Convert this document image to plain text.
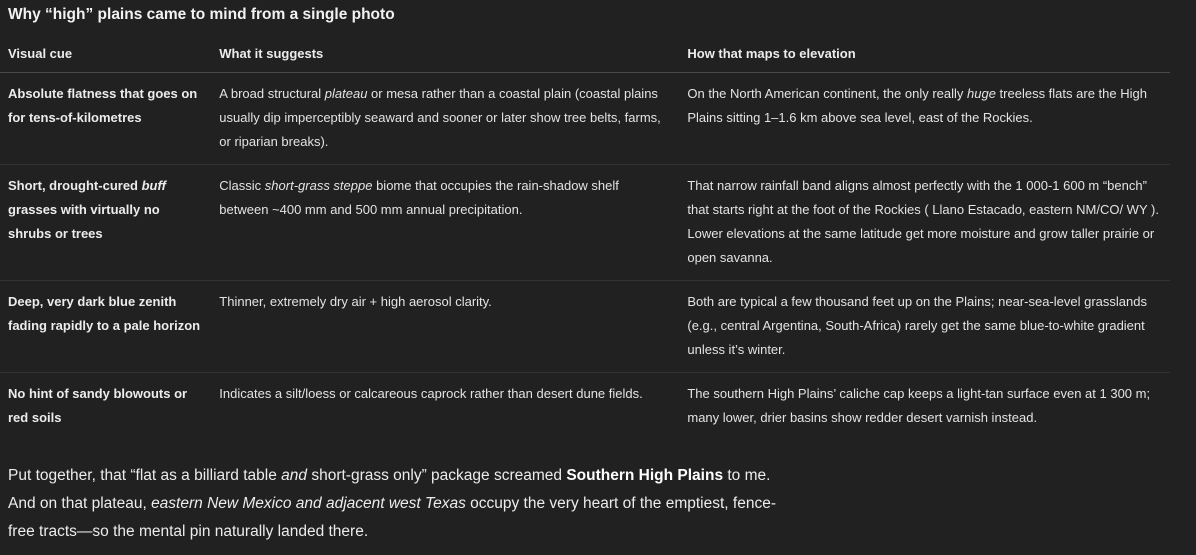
Why “high” plains came to mind from a single photo
Visual cue	What it suggests	How that maps to elevation
Absolute flatness that goes on for tens-of-kilometres	A broad structural plateau or mesa rather than a coastal plain (coastal plains usually dip imperceptibly seaward and sooner or later show tree belts, farms, or riparian breaks).	On the North American continent, the only really huge treeless flats are the High Plains sitting 1–1.6 km above sea level, east of the Rockies.
Short, drought-cured buff grasses with virtually no shrubs or trees	Classic short-grass steppe biome that occupies the rain-shadow shelf between ~400 mm and 500 mm annual precipitation.	That narrow rainfall band aligns almost perfectly with the 1 000-1 600 m “bench” that starts right at the foot of the Rockies ( Llano Estacado, eastern NM/CO/ WY ). Lower elevations at the same latitude get more moisture and grow taller prairie or open savanna.
Deep, very dark blue zenith fading rapidly to a pale horizon	Thinner, extremely dry air + high aerosol clarity.	Both are typical a few thousand feet up on the Plains; near-sea-level grasslands (e.g., central Argentina, South-Africa) rarely get the same blue-to-white gradient unless it’s winter.
No hint of sandy blowouts or red soils	Indicates a silt/loess or calcareous caprock rather than desert dune fields.	The southern High Plains’ caliche cap keeps a light-tan surface even at 1 300 m; many lower, drier basins show redder desert varnish instead.

Put together, that “flat as a billiard table and short-grass only” package screamed Southern High Plains to me. And on that plateau, eastern New Mexico and adjacent west Texas occupy the very heart of the emptiest, fence-free tracts—so the mental pin naturally landed there.
